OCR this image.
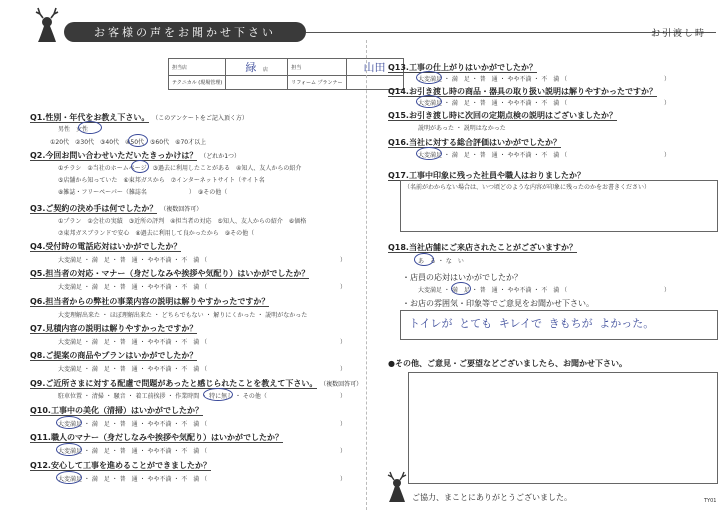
お客様の声をお聞かせ下さい	お引渡し時
担当店	緑 店	担当	山田
テクニカル (現場管理)		リフォーム プランナー	
Q1.性別・年代をお教え下さい。 （このアンケートをご記入頂く方）
男性　女性
①20代　②30代　③40代　④50代　⑤60代　⑥70才以上
Q2.今回お問い合わせいただいたきっかけは？ （どれか1つ）
①チラシ　②当社のホームページ　③過去に利用したことがある　④知人、友人からの紹介
⑤店舗から知っていた　⑥東邦ガスから　⑦インターネットサイト（サイト名
⑧雑誌・フリーペーパー（雑誌名　　　　　　　）　⑨その他（
Q3.ご契約の決め手は何でしたか？ （複数回答可）
①プラン　②会社の実績　③近所の評判　④担当者の対応　⑤知人、友人からの紹介　⑥価格
⑦東邦ガスブランドで安心　⑧過去に利用して良かったから　⑨その他（
Q4.受付時の電話応対はいかがでしたか？
大変満足 ・ 満　足 ・ 普　通 ・ やや不満 ・ 不　満 （	）
Q5.担当者の対応・マナー（身だしなみや挨拶や気配り）はいかがでしたか？
大変満足 ・ 満　足 ・ 普　通 ・ やや不満 ・ 不　満 （	）
Q6.担当者からの弊社の事業内容の説明は解りやすかったですか？
大変理解出来た ・ ほぼ理解出来た ・ どちらでもない ・ 解りにくかった ・ 説明がなかった
Q7.見積内容の説明は解りやすかったですか？
大変満足 ・ 満　足 ・ 普　通 ・ やや不満 ・ 不　満 （	）
Q8.ご提案の商品やプランはいかがでしたか？
大変満足 ・ 満　足 ・ 普　通 ・ やや不満 ・ 不　満 （	）
Q9.ご近所さまに対する配慮で問題があったと感じられたことを教えて下さい。 （複数回答可）
駐車位置 ・ 清掃 ・ 騒音 ・ 着工前挨拶 ・ 作業時間 ・ 特に無し ・ その他（	）
Q10.工事中の美化（清掃）はいかがでしたか？
大変満足 ・ 満　足 ・ 普　通 ・ やや不満 ・ 不　満 （	）
Q11.職人のマナー（身だしなみや挨拶や気配り）はいかがでしたか？
大変満足 ・ 満　足 ・ 普　通 ・ やや不満 ・ 不　満 （	）
Q12.安心して工事を進めることができましたか？
大変満足 ・ 満　足 ・ 普　通 ・ やや不満 ・ 不　満 （	）
Q13.工事の仕上がりはいかがでしたか？
大変満足 ・ 満　足 ・ 普　通 ・ やや不満 ・ 不　満 （	）
Q14.お引き渡し時の商品・器具の取り扱い説明は解りやすかったですか？
大変満足 ・ 満　足 ・ 普　通 ・ やや不満 ・ 不　満 （	）
Q15.お引き渡し時に次回の定期点検の説明はございましたか？
説明があった ・ 説明はなかった
Q16.当社に対する総合評価はいかがでしたか？
大変満足 ・ 満　足 ・ 普　通 ・ やや不満 ・ 不　満 （	）
Q17.工事中印象に残った社員や職人はおりましたか？
（名前がわからない場合は、いつ頃どのような内容が印象に残ったのかをお書きください）
Q18.当社店舗にご来店されたことがございますか？
あ　る ・ な　い
・店員の応対はいかがでしたか？
大変満足 ・ 満　足 ・ 普　通 ・ やや不満 ・ 不　満 （	）
・お店の雰囲気・印象等でご意見をお聞かせ下さい。
トイレが とても キレイで きもちが よかった。
●その他、ご意見・ご要望などございましたら、お聞かせ下さい。
ご協力、まことにありがとうございました。	TY01
